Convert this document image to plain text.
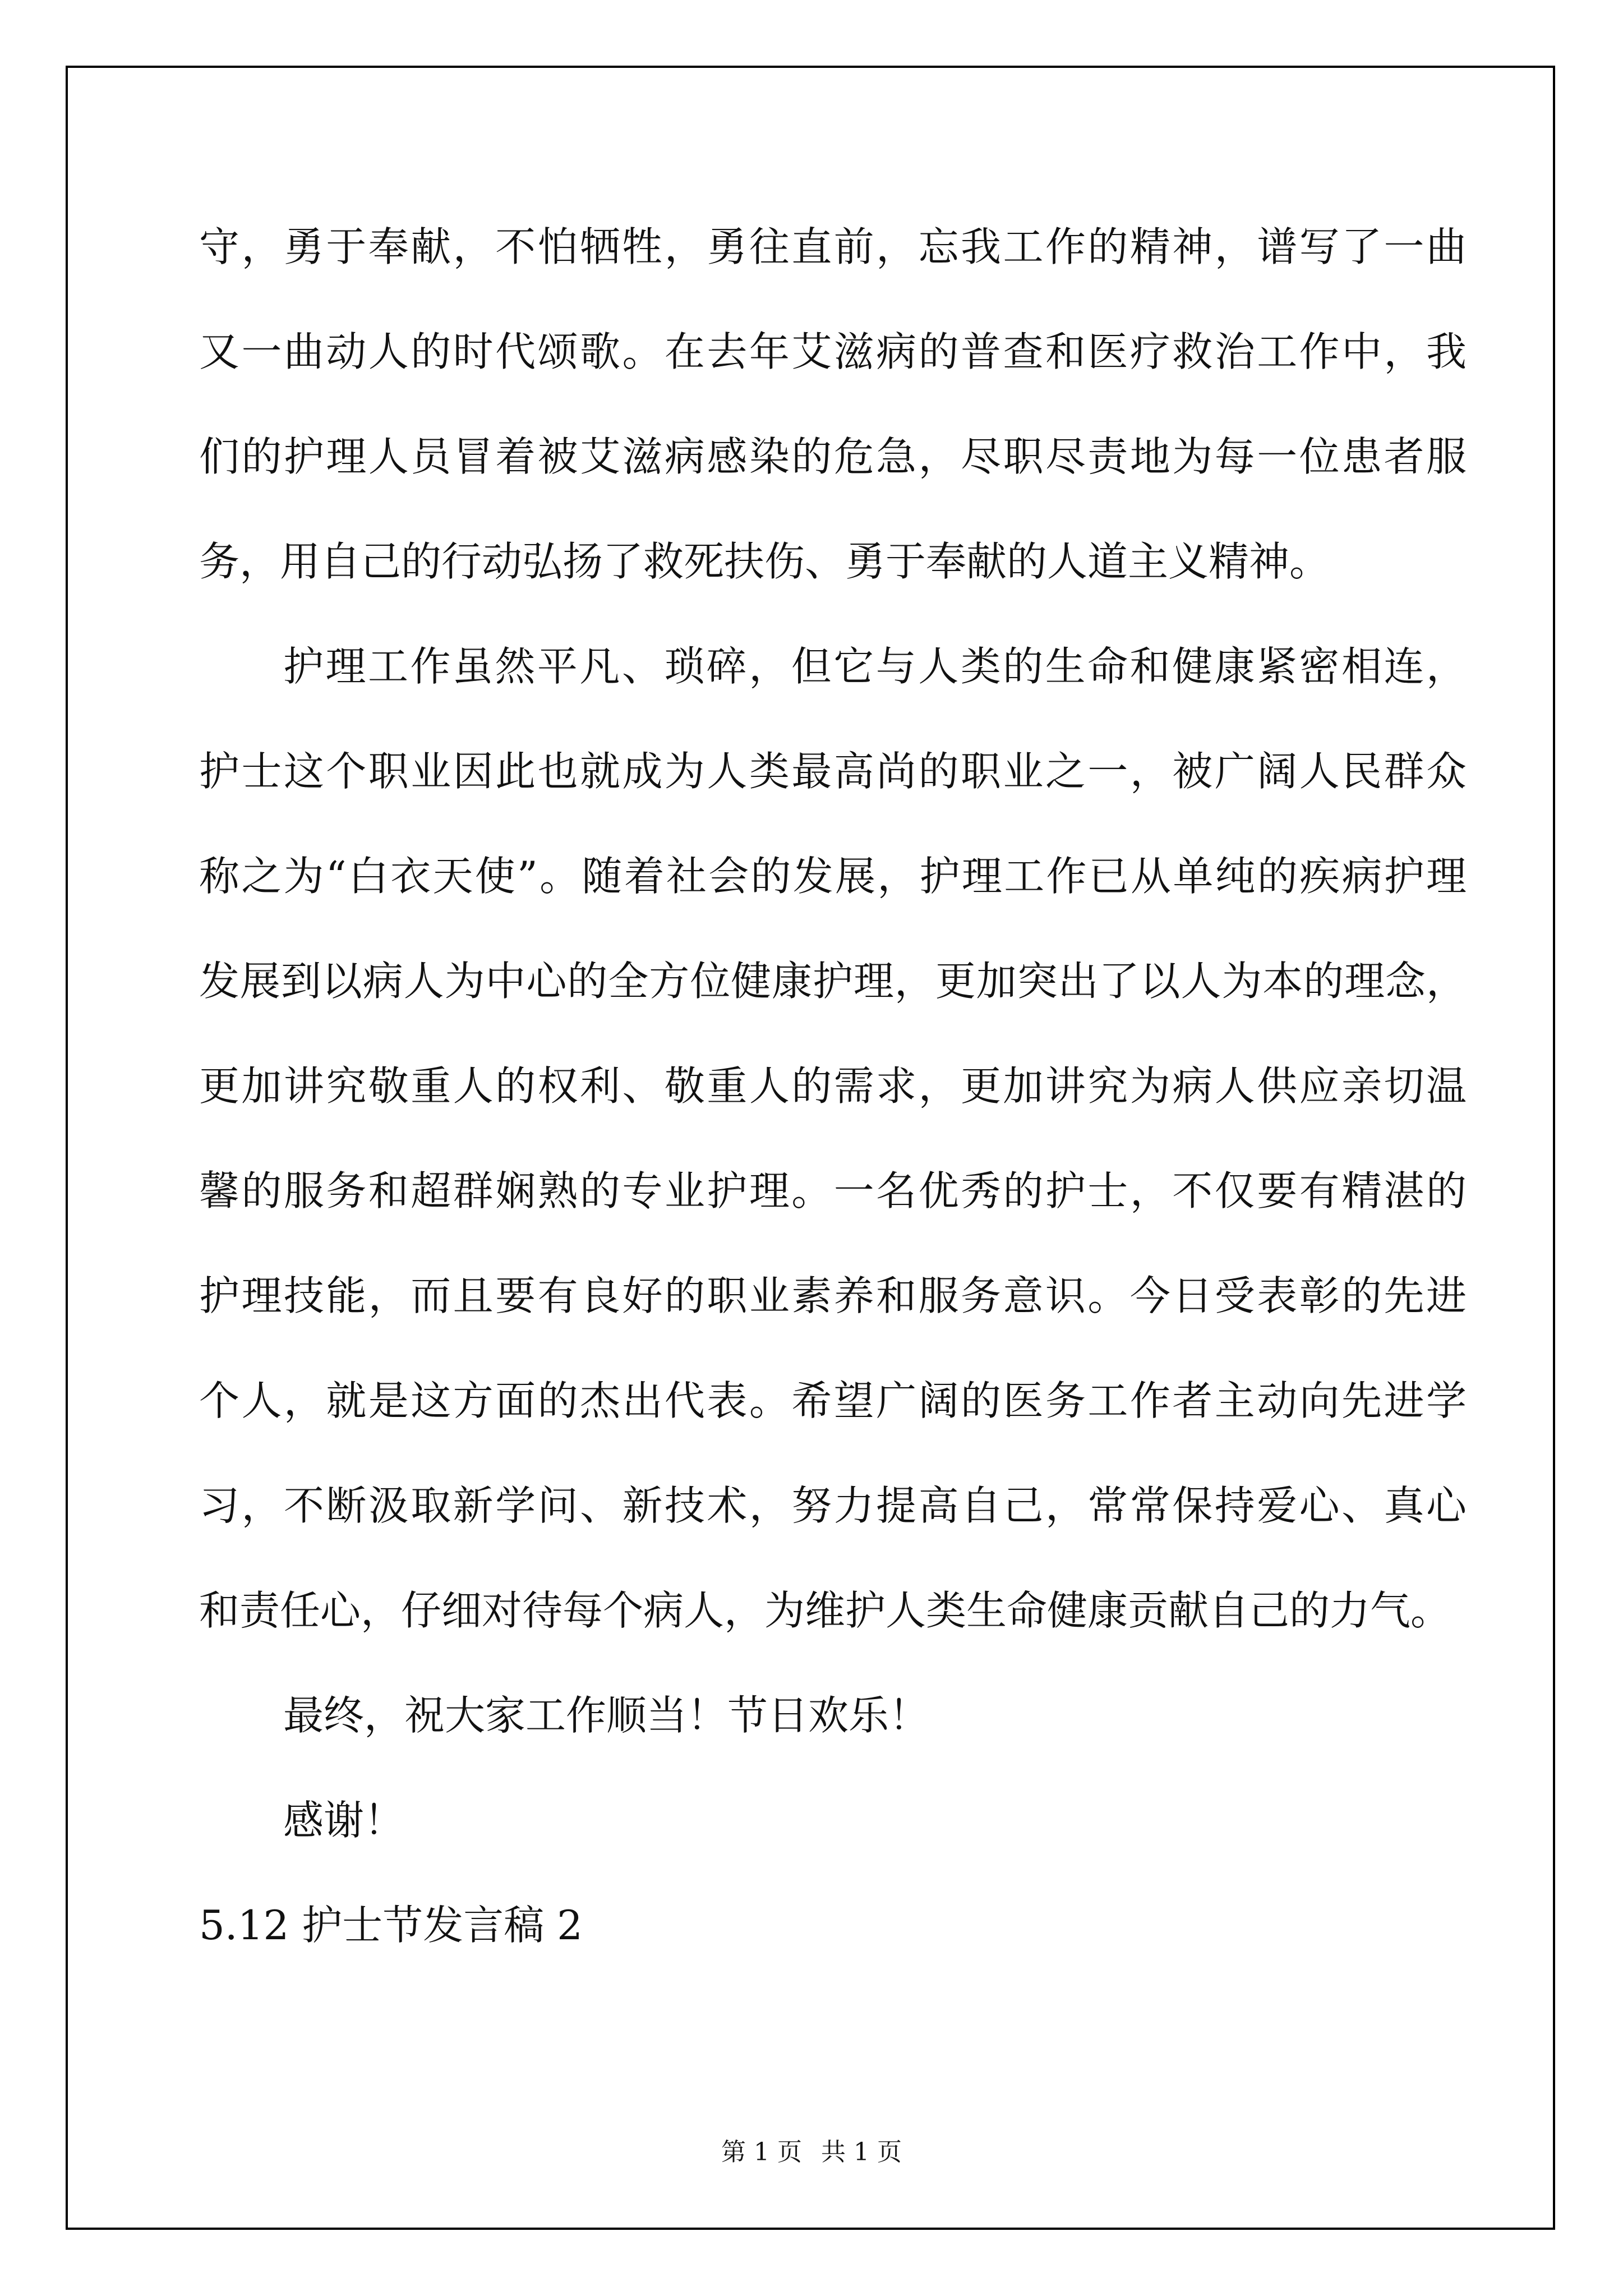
守，勇于奉献，不怕牺牲，勇往直前，忘我工作的精神，谱写了一曲
又一曲动人的时代颂歌。在去年艾滋病的普查和医疗救治工作中，我
们的护理人员冒着被艾滋病感染的危急，尽职尽责地为每一位患者服
务，用自己的行动弘扬了救死扶伤、勇于奉献的人道主义精神。
护理工作虽然平凡、琐碎，但它与人类的生命和健康紧密相连，
护士这个职业因此也就成为人类最高尚的职业之一，被广阔人民群众
称之为“白衣天使”。随着社会的发展，护理工作已从单纯的疾病护理
发展到以病人为中心的全方位健康护理，更加突出了以人为本的理念，
更加讲究敬重人的权利、敬重人的需求，更加讲究为病人供应亲切温
馨的服务和超群娴熟的专业护理。一名优秀的护士，不仅要有精湛的
护理技能，而且要有良好的职业素养和服务意识。今日受表彰的先进
个人，就是这方面的杰出代表。希望广阔的医务工作者主动向先进学
习，不断汲取新学问、新技术，努力提高自己，常常保持爱心、真心
和责任心，仔细对待每个病人，为维护人类生命健康贡献自己的力气。
最终，祝大家工作顺当！节日欢乐！
感谢！
5.12 护士节发言稿 2
第 1 页 共 1 页
